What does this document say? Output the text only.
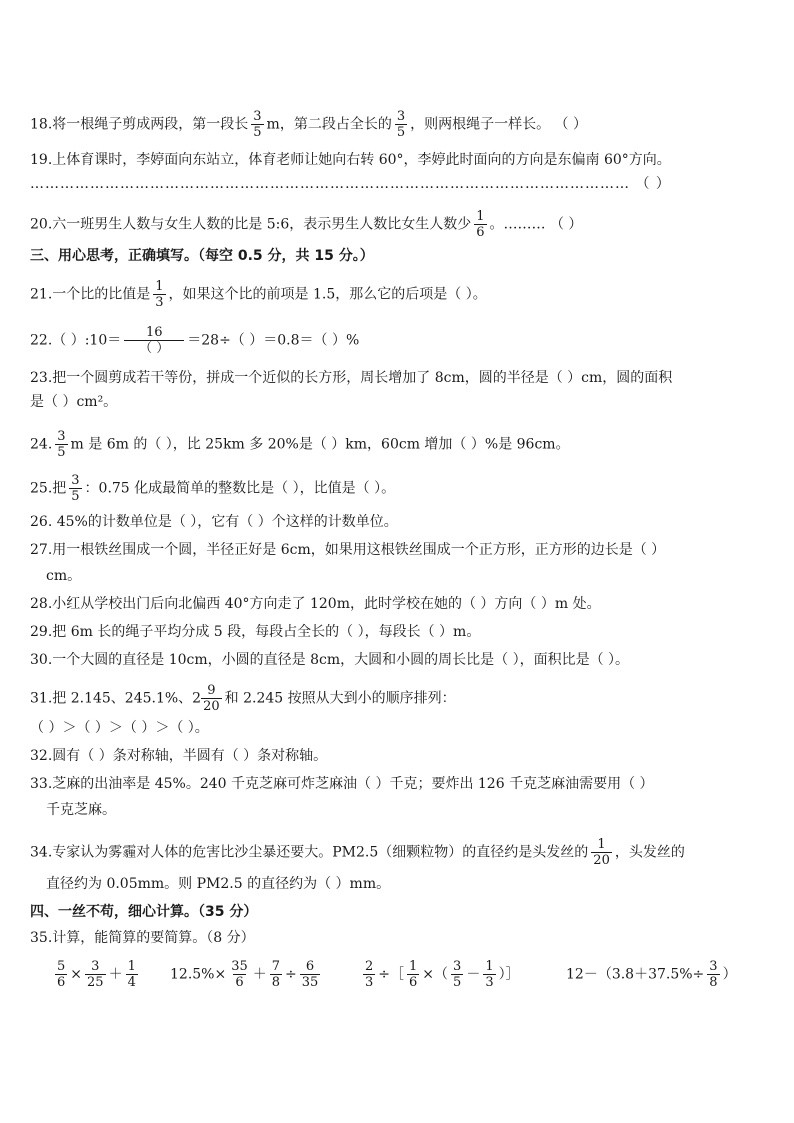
18.将一根绳子剪成两段，第一段长 $\frac{3}{5}$ m，第二段占全长的 $\frac{3}{5}$ ，则两根绳子一样长。 （ ）
19.上体育课时，李婷面向东站立，体育老师让她向右转 60°，李婷此时面向的方向是东偏南 60°方向。
………………………………………………………………………………………………………… （ ）
20.六一班男生人数与女生人数的比是 5:6，表示男生人数比女生人数少 $\frac{1}{6}$ 。……… （ ）
三、用心思考，正确填写。（每空 0.5 分，共 15 分。）
21.一个比的比值是 $\frac{1}{3}$ ，如果这个比的前项是 1.5，那么它的后项是（ ）。
22.（ ）:10＝ $\frac{16}{( )} =28\div$（ ）＝0.8＝（ ）%
23.把一个圆剪成若干等份，拼成一个近似的长方形，周长增加了 8cm，圆的半径是（ ）cm，圆的面积
是（ ）cm²。
24. $\frac{3}{5}$ m 是 6m 的（ ），比 25km 多 20%是（ ）km，60cm 增加（ ）%是 96cm。
25.把 $\frac{3}{5}$ ：0.75 化成最简单的整数比是（ ），比值是（ ）。
26. 45%的计数单位是（ ），它有（ ）个这样的计数单位。
27.用一根铁丝围成一个圆，半径正好是 6cm，如果用这根铁丝围成一个正方形，正方形的边长是（ ）
cm。
28.小红从学校出门后向北偏西 40°方向走了 120m，此时学校在她的（ ）方向（ ）m 处。
29.把 6m 长的绳子平均分成 5 段，每段占全长的（ ），每段长（ ）m。
30.一个大圆的直径是 10cm，小圆的直径是 8cm，大圆和小圆的周长比是（ ），面积比是（ ）。
31.把 2.145、245.1%、$2 \frac{9}{20}$ 和 2.245 按照从大到小的顺序排列：
（ ）＞（ ）＞（ ）＞（ ）。
32.圆有（ ）条对称轴，半圆有（ ）条对称轴。
33.芝麻的出油率是 45%。240 千克芝麻可炸芝麻油（ ）千克；要炸出 126 千克芝麻油需要用（ ）
千克芝麻。
34.专家认为雾霾对人体的危害比沙尘暴还要大。PM2.5（细颗粒物）的直径约是头发丝的 $\frac{1}{20}$ ，头发丝的
直径约为 0.05mm。则 PM2.5 的直径约为（ ）mm。
四、一丝不苟，细心计算。（35 分）
35.计算，能简算的要简算。（8 分）
$\frac{5}{6} \times \frac{3}{25} + \frac{1}{4} 12.5\%\times \frac{35}{6} + \frac{7}{8} \div \frac{6}{35}$	$\frac{2}{3}$ ÷［ $\frac{1}{6}$ ×（ $\frac{3}{5} - \frac{1}{3}$ ）］	$12-(3.8+37.5\%\div \frac{3}{8}$ ）
